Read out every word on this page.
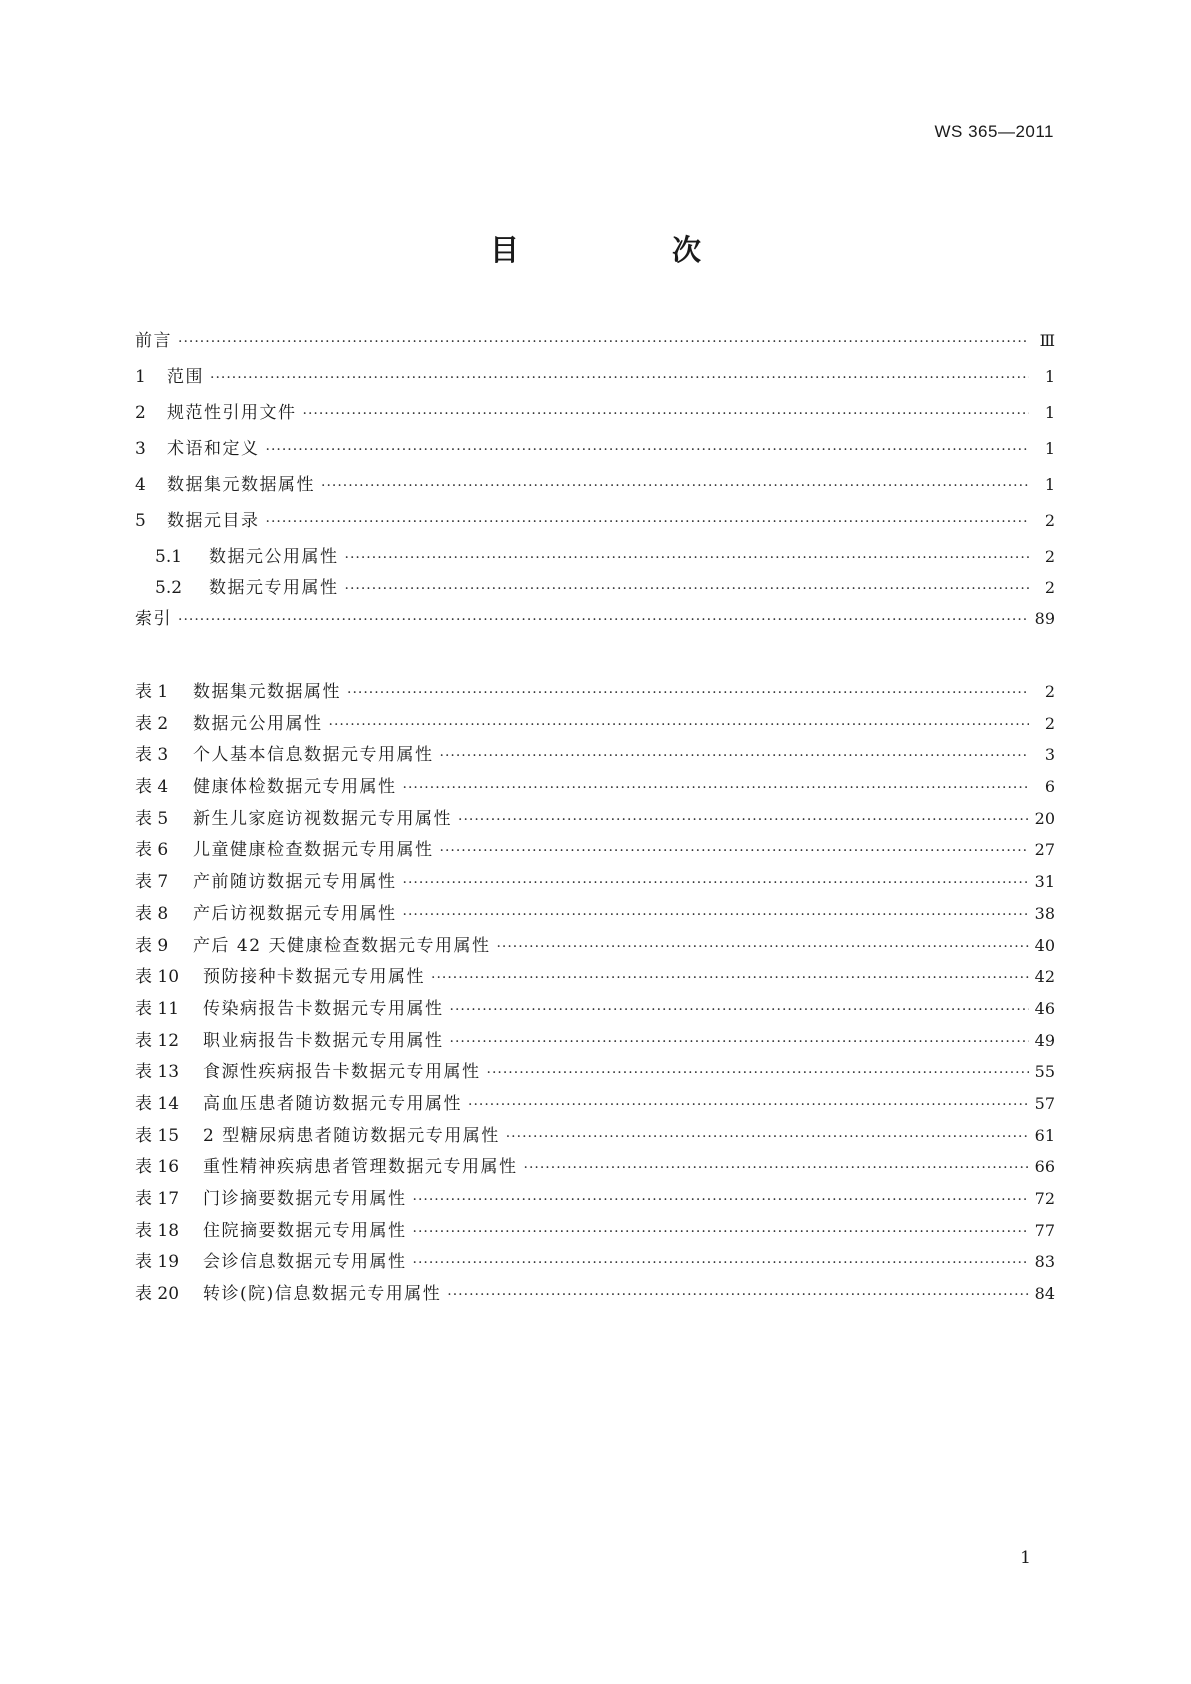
WS 365—2011
目　次
前言 ·····	Ⅲ
1	范围 ·····	1
2	规范性引用文件 ·····	1
3	术语和定义 ·····	1
4	数据集元数据属性 ·····	1
5	数据元目录 ·····	2
5.1	数据元公用属性 ·····	2
5.2	数据元专用属性 ·····	2
索引 ·····	89
表 1	数据集元数据属性 ·····	2
表 2	数据元公用属性 ·····	2
表 3	个人基本信息数据元专用属性 ·····	3
表 4	健康体检数据元专用属性 ·····	6
表 5	新生儿家庭访视数据元专用属性 ·····	20
表 6	儿童健康检查数据元专用属性 ·····	27
表 7	产前随访数据元专用属性 ·····	31
表 8	产后访视数据元专用属性 ·····	38
表 9	产后 42 天健康检查数据元专用属性 ·····	40
表 10	预防接种卡数据元专用属性 ·····	42
表 11	传染病报告卡数据元专用属性 ·····	46
表 12	职业病报告卡数据元专用属性 ·····	49
表 13	食源性疾病报告卡数据元专用属性 ·····	55
表 14	高血压患者随访数据元专用属性 ·····	57
表 15	2 型糖尿病患者随访数据元专用属性 ·····	61
表 16	重性精神疾病患者管理数据元专用属性 ·····	66
表 17	门诊摘要数据元专用属性 ·····	72
表 18	住院摘要数据元专用属性 ·····	77
表 19	会诊信息数据元专用属性 ·····	83
表 20	转诊(院)信息数据元专用属性 ·····	84
1
